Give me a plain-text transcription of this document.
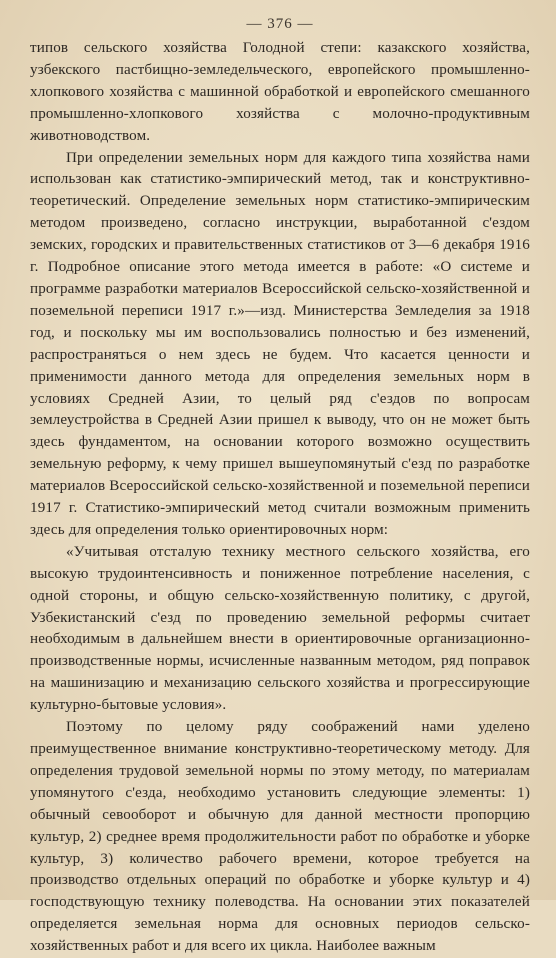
— 376 —

типов сельского хозяйства Голодной степи: казакского хозяйства, узбекского пастбищно-земледельческого, европейского промышленно-хлопкового хозяйства с машинной обработкой и европейского смешанного промышленно-хлопкового хозяйства с молочно-продуктивным животноводством.

При определении земельных норм для каждого типа хозяйства нами использован как статистико-эмпирический метод, так и конструктивно-теоретический. Определение земельных норм статистико-эмпирическим методом произведено, согласно инструкции, выработанной с'ездом земских, городских и правительственных статистиков от 3—6 декабря 1916 г. Подробное описание этого метода имеется в работе: «О системе и программе разработки материалов Всероссийской сельско-хозяйственной и поземельной переписи 1917 г.»—изд. Министерства Земледелия за 1918 год, и поскольку мы им воспользовались полностью и без изменений, распространяться о нем здесь не будем. Что касается ценности и применимости данного метода для определения земельных норм в условиях Средней Азии, то целый ряд с'ездов по вопросам землеустройства в Средней Азии пришел к выводу, что он не может быть здесь фундаментом, на основании которого возможно осуществить земельную реформу, к чему пришел вышеупомянутый с'езд по разработке материалов Всероссийской сельско-хозяйственной и поземельной переписи 1917 г. Статистико-эмпирический метод считали возможным применить здесь для определения только ориентировочных норм:

«Учитывая отсталую технику местного сельского хозяйства, его высокую трудоинтенсивность и пониженное потребление населения, с одной стороны, и общую сельско-хозяйственную политику, с другой, Узбекистанский с'езд по проведению земельной реформы считает необходимым в дальнейшем внести в ориентировочные организационно-производственные нормы, исчисленные названным методом, ряд поправок на машинизацию и механизацию сельского хозяйства и прогрессирующие культурно-бытовые условия».

Поэтому по целому ряду соображений нами уделено преимущественное внимание конструктивно-теоретическому методу. Для определения трудовой земельной нормы по этому методу, по материалам упомянутого с'езда, необходимо установить следующие элементы: 1) обычный севооборот и обычную для данной местности пропорцию культур, 2) среднее время продолжительности работ по обработке и уборке культур, 3) количество рабочего времени, которое требуется на производство отдельных операций по обработке и уборке культур и 4) господствующую технику полеводства. На основании этих показателей определяется земельная норма для основных периодов сельско-хозяйственных работ и для всего их цикла. Наиболее важным
